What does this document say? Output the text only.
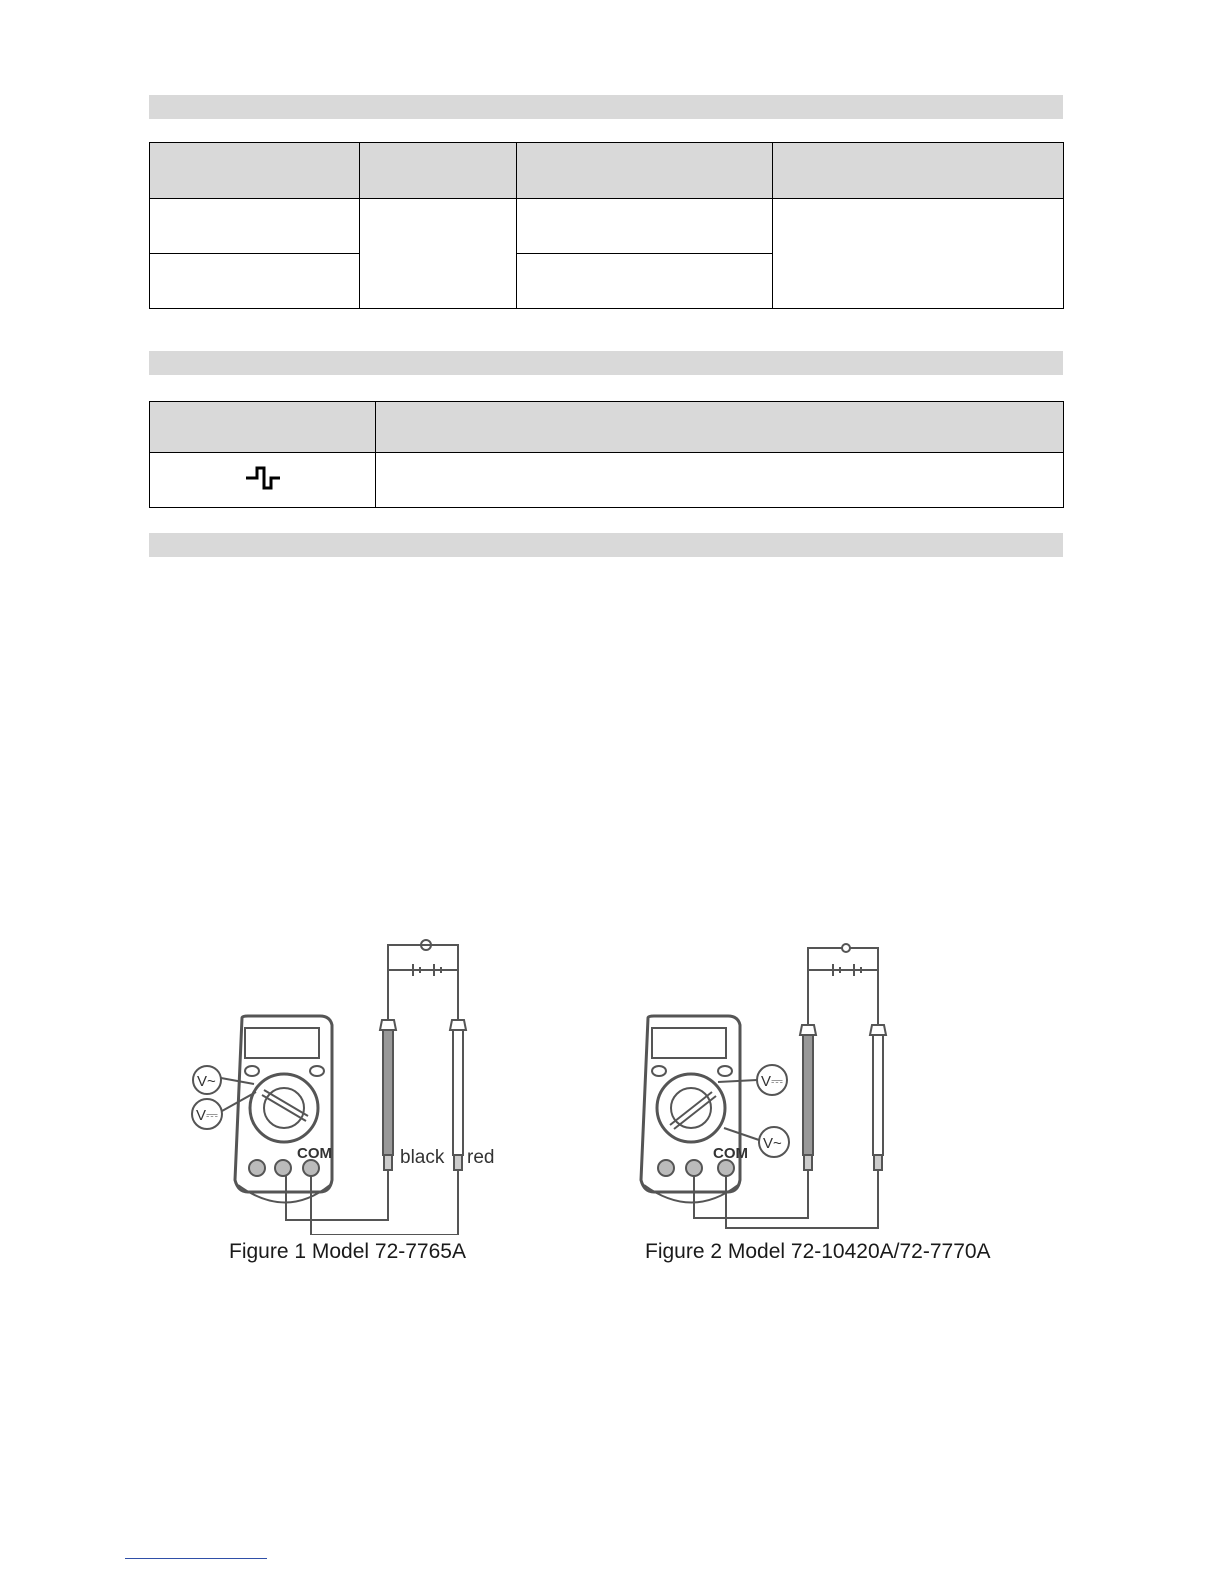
V~
V⎓
COM	black red
Figure 1 Model 72-7765A
V⎓
V~
COM
Figure 2 Model 72-10420A/72-7770A
